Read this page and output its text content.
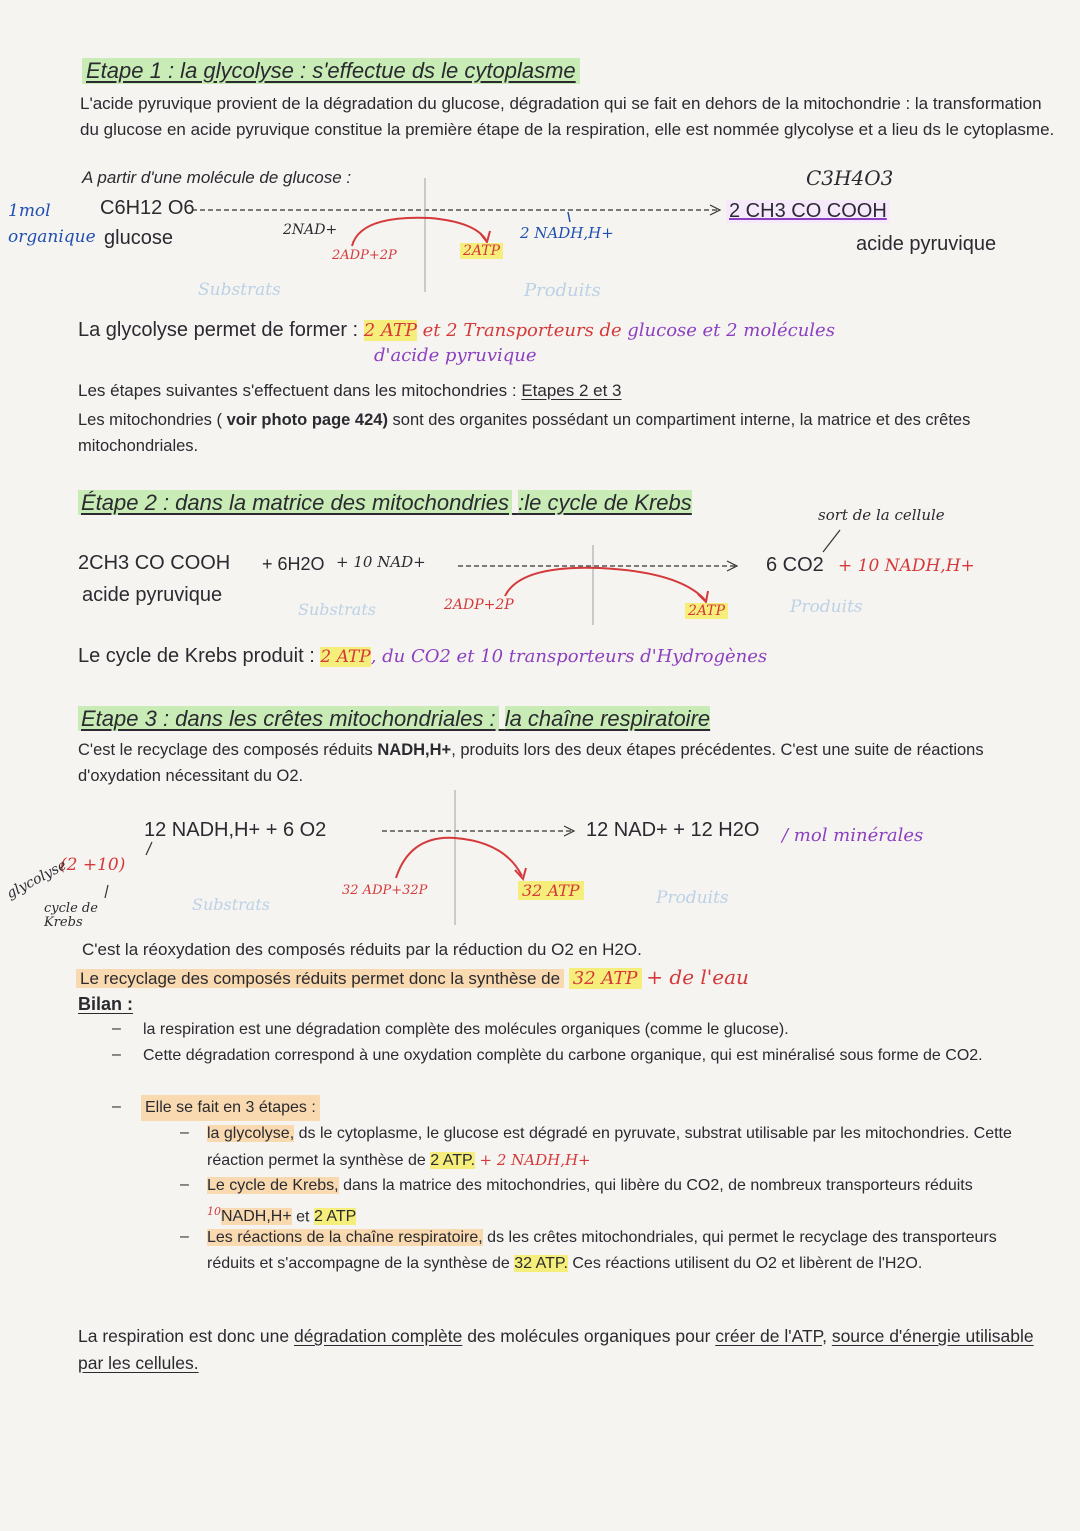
Etape 1 : la glycolyse : s'effectue ds le cytoplasme
L'acide pyruvique provient de la dégradation du glucose, dégradation qui se fait en dehors de la mitochondrie : la transformation du glucose en acide pyruvique constitue la première étape de la respiration, elle est nommée glycolyse et a lieu ds le cytoplasme.
A partir d'une molécule de glucose :
1mol organique
C6H12 O6
glucose	2NAD+
2ADP+2P	2ATP
2 NADH,H+
C3H4O3
2 CH3 CO COOH
acide pyruvique
Substrats	Produits
La glycolyse permet de former : 2 ATP et 2 Transporteurs de glucose et 2 molécules
d'acide pyruvique
Les étapes suivantes s'effectuent dans les mitochondries : Etapes 2 et 3
Les mitochondries ( voir photo page 424) sont des organites possédant un compartiment interne, la matrice et des crêtes mitochondriales.
Étape 2 : dans la matrice des mitochondries :le cycle de Krebs	sort de la cellule
2CH3 CO COOH + 6H2O + 10 NAD+
acide pyruvique	2ADP+2P	2ATP
6 CO2 + 10 NADH,H+
Substrats	Produits
Le cycle de Krebs produit : 2 ATP, du CO2 et 10 transporteurs d'Hydrogènes
Etape 3 : dans les crêtes mitochondriales : la chaîne respiratoire
C'est le recyclage des composés réduits NADH,H+, produits lors des deux étapes précédentes. C'est une suite de réactions d'oxydation nécessitant du O2.
12 NADH,H+ + 6 O2	12 NAD+ + 12 H2O / mol minérales
(2 +10)
glycolyse
cycle de Krebs
32 ADP+32P	32 ATP
Substrats	Produits
C'est la réoxydation des composés réduits par la réduction du O2 en H2O.
Le recyclage des composés réduits permet donc la synthèse de 32 ATP + de l'eau
Bilan :
– la respiration est une dégradation complète des molécules organiques (comme le glucose).
– Cette dégradation correspond à une oxydation complète du carbone organique, qui est minéralisé sous forme de CO2.
– Elle se fait en 3 étapes :
– la glycolyse, ds le cytoplasme, le glucose est dégradé en pyruvate, substrat utilisable par les mitochondries. Cette réaction permet la synthèse de 2 ATP. + 2 NADH,H+
– Le cycle de Krebs, dans la matrice des mitochondries, qui libère du CO2, de nombreux transporteurs réduits $^{10}$NADH,H+ et 2 ATP
– Les réactions de la chaîne respiratoire, ds les crêtes mitochondriales, qui permet le recyclage des transporteurs réduits et s'accompagne de la synthèse de 32 ATP. Ces réactions utilisent du O2 et libèrent de l'H2O.
La respiration est donc une dégradation complète des molécules organiques pour créer de l'ATP, source d'énergie utilisable par les cellules.
